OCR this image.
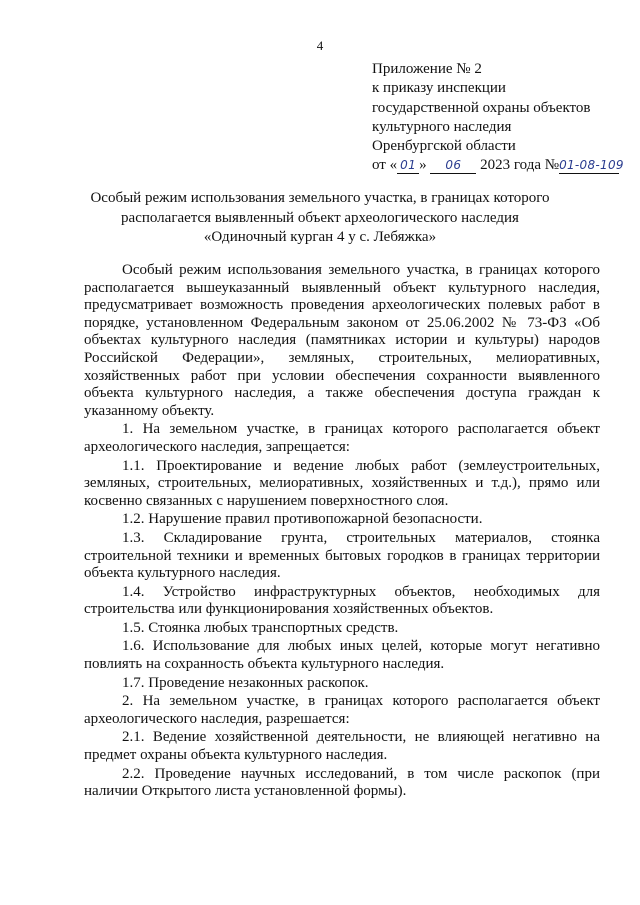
4
Приложение № 2
к приказу инспекции
государственной охраны объектов
культурного наследия
Оренбургской области
от « 01 » 06 2023 года №01-08-109
Особый режим использования земельного участка, в границах которого располагается выявленный объект археологического наследия «Одиночный курган 4 у с. Лебяжка»

Особый режим использования земельного участка, в границах которого располагается вышеуказанный выявленный объект культурного наследия, предусматривает возможность проведения археологических полевых работ в порядке, установленном Федеральным законом от 25.06.2002 № 73-ФЗ «Об объектах культурного наследия (памятниках истории и культуры) народов Российской Федерации», земляных, строительных, мелиоративных, хозяйственных работ при условии обеспечения сохранности выявленного объекта культурного наследия, а также обеспечения доступа граждан к указанному объекту.

1. На земельном участке, в границах которого располагается объект археологического наследия, запрещается:

1.1. Проектирование и ведение любых работ (землеустроительных, земляных, строительных, мелиоративных, хозяйственных и т.д.), прямо или косвенно связанных с нарушением поверхностного слоя.

1.2. Нарушение правил противопожарной безопасности.

1.3. Складирование грунта, строительных материалов, стоянка строительной техники и временных бытовых городков в границах территории объекта культурного наследия.

1.4. Устройство инфраструктурных объектов, необходимых для строительства или функционирования хозяйственных объектов.

1.5. Стоянка любых транспортных средств.

1.6. Использование для любых иных целей, которые могут негативно повлиять на сохранность объекта культурного наследия.

1.7. Проведение незаконных раскопок.

2. На земельном участке, в границах которого располагается объект археологического наследия, разрешается:

2.1. Ведение хозяйственной деятельности, не влияющей негативно на предмет охраны объекта культурного наследия.

2.2. Проведение научных исследований, в том числе раскопок (при наличии Открытого листа установленной формы).
